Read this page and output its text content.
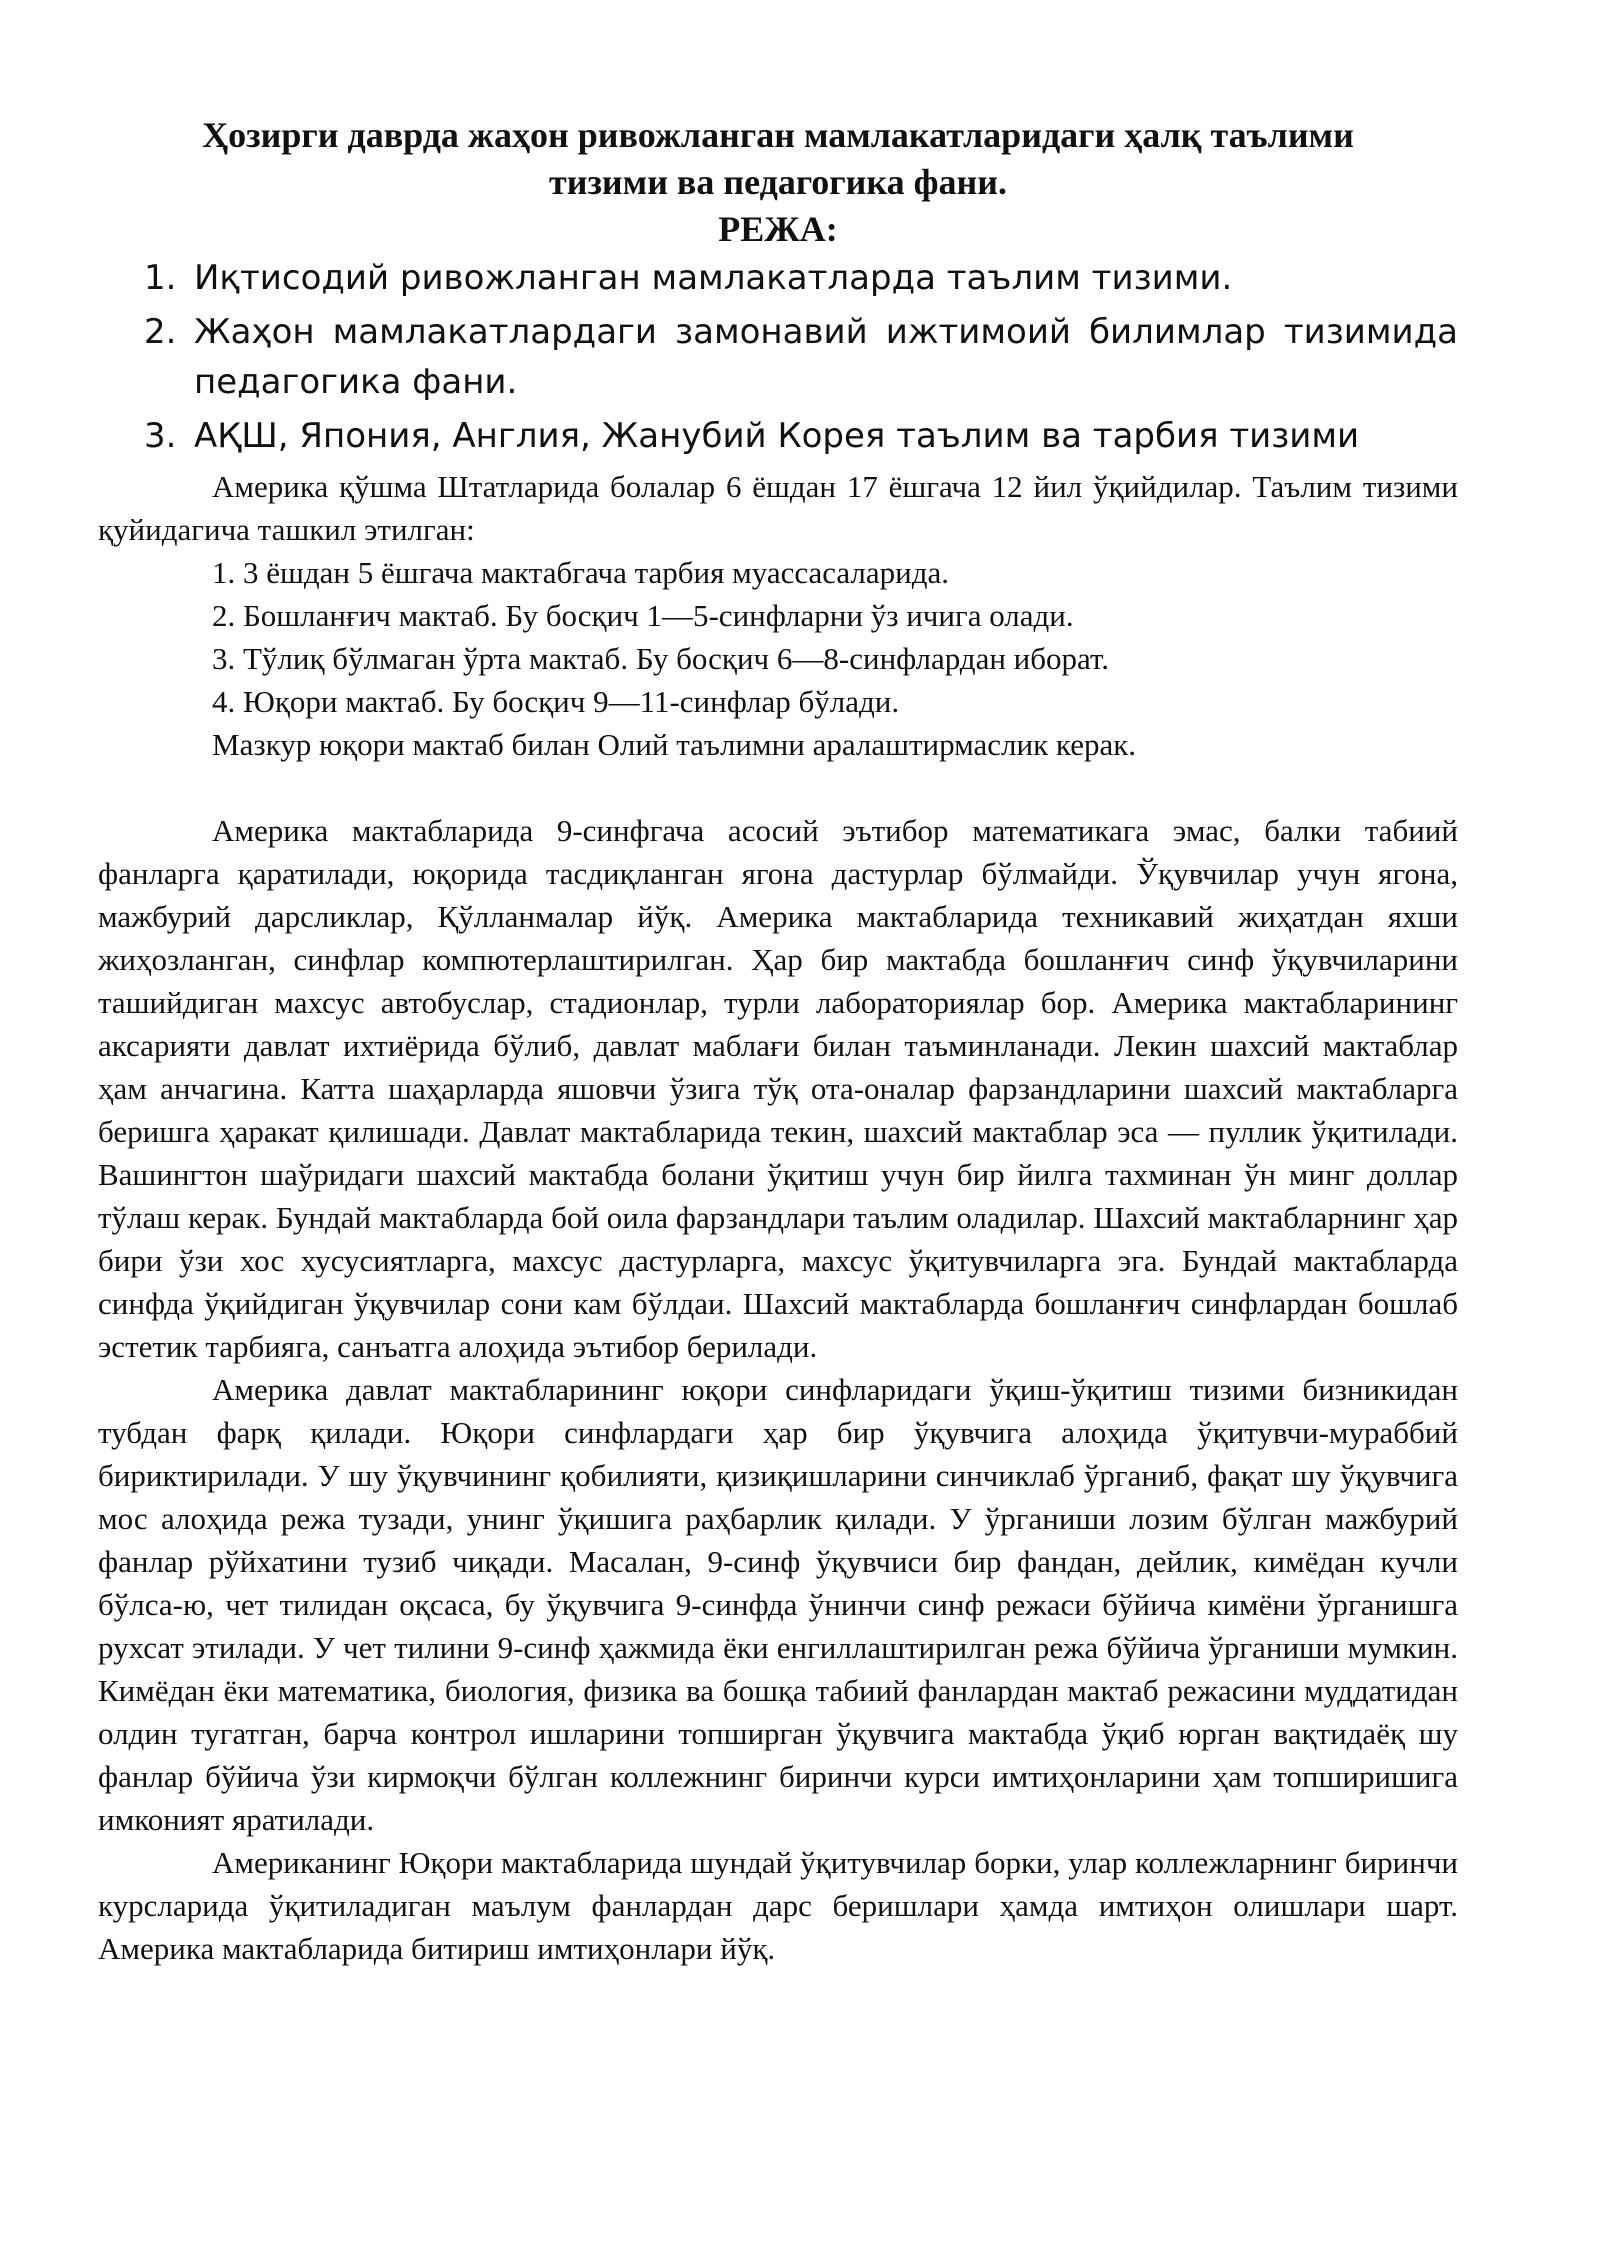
Ҳозирги даврда жаҳон ривожланган мамлакатларидаги ҳалқ таълими тизими ва педагогика фани.
РЕЖА:
1. Иқтисодий ривожланган мамлакатларда таълим тизими.
2. Жаҳон мамлакатлардаги замонавий ижтимоий билимлар тизимида педагогика фани.
3. АҚШ, Япония, Англия, Жанубий Корея таълим ва тарбия тизими

Америка қўшма Штатларида болалар 6 ёшдан 17 ёшгача 12 йил ўқийдилар. Таълим тизими қуйидагича ташкил этилган:

1. 3 ёшдан 5 ёшгача мактабгача тарбия муассасаларида.

2. Бошланғич мактаб. Бу босқич 1—5-синфларни ўз ичига олади.

3. Тўлиқ бўлмаган ўрта мактаб. Бу босқич 6—8-синфлардан иборат.

4. Юқори мактаб. Бу босқич 9—11-синфлар бўлади.

Мазкур юқори мактаб билан Олий таълимни аралаштирмаслик керак.

Америка мактабларида 9-синфгача асосий эътибор математикага эмас, балки табиий фанларга қаратилади, юқорида тасдиқланган ягона дастурлар бўлмайди. Ўқувчилар учун ягона, мажбурий дарсликлар, Қўлланмалар йўқ. Америка мактабларида техникавий жиҳатдан яхши жиҳозланган, синфлар компютерлаштирилган. Ҳар бир мактабда бошланғич синф ўқувчиларини ташийдиган махсус автобуслар, стадионлар, турли лабораториялар бор. Америка мактабларининг аксарияти давлат ихтиёрида бўлиб, давлат маблағи билан таъминланади. Лекин шахсий мактаблар ҳам анчагина. Катта шаҳарларда яшовчи ўзига тўқ ота-оналар фарзандларини шахсий мактабларга беришга ҳаракат қилишади. Давлат мактабларида текин, шахсий мактаблар эса — пуллик ўқитилади. Вашингтон шаўридаги шахсий мактабда болани ўқитиш учун бир йилга тахминан ўн минг доллар тўлаш керак. Бундай мактабларда бой оила фарзандлари таълим оладилар. Шахсий мактабларнинг ҳар бири ўзи хос хусусиятларга, махсус дастурларга, махсус ўқитувчиларга эга. Бундай мактабларда синфда ўқийдиган ўқувчилар сони кам бўлдаи. Шахсий мактабларда бошланғич синфлардан бошлаб эстетик тарбияга, санъатга алоҳида эътибор берилади.

Америка давлат мактабларининг юқори синфларидаги ўқиш-ўқитиш тизими бизникидан тубдан фарқ қилади. Юқори синфлардаги ҳар бир ўқувчига алоҳида ўқитувчи-мураббий бириктирилади. У шу ўқувчининг қобилияти, қизиқишларини синчиклаб ўрганиб, фақат шу ўқувчига мос алоҳида режа тузади, унинг ўқишига раҳбарлик қилади. У ўрганиши лозим бўлган мажбурий фанлар рўйхатини тузиб чиқади. Масалан, 9-синф ўқувчиси бир фандан, дейлик, кимёдан кучли бўлса-ю, чет тилидан оқсаса, бу ўқувчига 9-синфда ўнинчи синф режаси бўйича кимёни ўрганишга рухсат этилади. У чет тилини 9-синф ҳажмида ёки енгиллаштирилган режа бўйича ўрганиши мумкин. Кимёдан ёки математика, биология, физика ва бошқа табиий фанлардан мактаб режасини муддатидан олдин тугатган, барча контрол ишларини топширган ўқувчига мактабда ўқиб юрган вақтидаёқ шу фанлар бўйича ўзи кирмоқчи бўлган коллежнинг биринчи курси имтиҳонларини ҳам топширишига имконият яратилади.

Американинг Юқори мактабларида шундай ўқитувчилар борки, улар коллежларнинг биринчи курсларида ўқитиладиган маълум фанлардан дарс беришлари ҳамда имтиҳон олишлари шарт. Америка мактабларида битириш имтиҳонлари йўқ.
